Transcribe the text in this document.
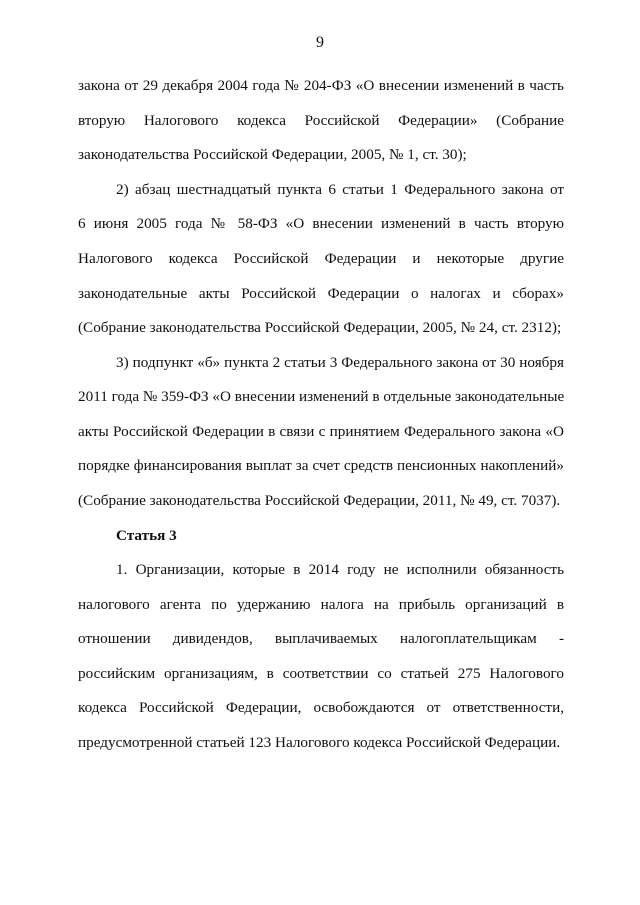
9
закона от 29 декабря 2004 года № 204-ФЗ «О внесении изменений в часть
вторую Налогового кодекса Российской Федерации» (Собрание
законодательства Российской Федерации, 2005, № 1, ст. 30);
2) абзац шестнадцатый пункта 6 статьи 1 Федерального закона от
6 июня 2005 года № 58-ФЗ «О внесении изменений в часть вторую
Налогового кодекса Российской Федерации и некоторые другие
законодательные акты Российской Федерации о налогах и сборах»
(Собрание законодательства Российской Федерации, 2005, № 24, ст. 2312);
3) подпункт «б» пункта 2 статьи 3 Федерального закона от 30 ноября
2011 года № 359-ФЗ «О внесении изменений в отдельные законодательные
акты Российской Федерации в связи с принятием Федерального закона «О
порядке финансирования выплат за счет средств пенсионных накоплений»
(Собрание законодательства Российской Федерации, 2011, № 49, ст. 7037).
Статья 3
1. Организации, которые в 2014 году не исполнили обязанность
налогового агента по удержанию налога на прибыль организаций в
отношении дивидендов, выплачиваемых налогоплательщикам -
российским организациям, в соответствии со статьей 275 Налогового
кодекса Российской Федерации, освобождаются от ответственности,
предусмотренной статьей 123 Налогового кодекса Российской Федерации.
